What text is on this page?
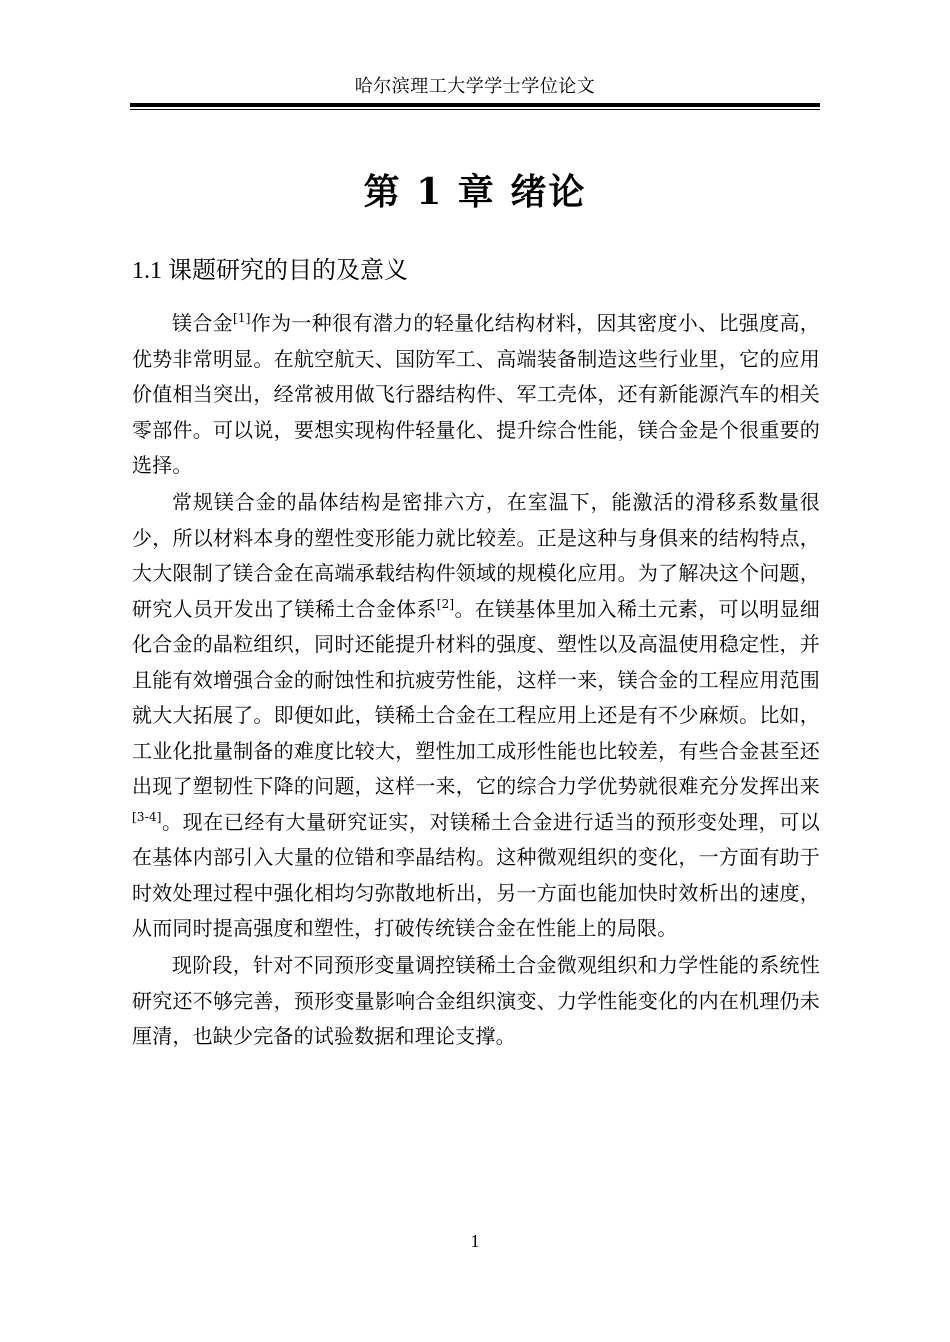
哈尔滨理工大学学士学位论文
第 1 章 绪论
1.1 课题研究的目的及意义

镁合金[1]作为一种很有潜力的轻量化结构材料，因其密度小、比强度高，优势非常明显。在航空航天、国防军工、高端装备制造这些行业里，它的应用价值相当突出，经常被用做飞行器结构件、军工壳体，还有新能源汽车的相关零部件。可以说，要想实现构件轻量化、提升综合性能，镁合金是个很重要的选择。

常规镁合金的晶体结构是密排六方，在室温下，能激活的滑移系数量很少，所以材料本身的塑性变形能力就比较差。正是这种与身俱来的结构特点，大大限制了镁合金在高端承载结构件领域的规模化应用。为了解决这个问题，研究人员开发出了镁稀土合金体系[2]。在镁基体里加入稀土元素，可以明显细化合金的晶粒组织，同时还能提升材料的强度、塑性以及高温使用稳定性，并且能有效增强合金的耐蚀性和抗疲劳性能，这样一来，镁合金的工程应用范围就大大拓展了。即便如此，镁稀土合金在工程应用上还是有不少麻烦。比如，工业化批量制备的难度比较大，塑性加工成形性能也比较差，有些合金甚至还出现了塑韧性下降的问题，这样一来，它的综合力学优势就很难充分发挥出来[3-4]。现在已经有大量研究证实，对镁稀土合金进行适当的预形变处理，可以在基体内部引入大量的位错和孪晶结构。这种微观组织的变化，一方面有助于时效处理过程中强化相均匀弥散地析出，另一方面也能加快时效析出的速度，从而同时提高强度和塑性，打破传统镁合金在性能上的局限。

现阶段，针对不同预形变量调控镁稀土合金微观组织和力学性能的系统性研究还不够完善，预形变量影响合金组织演变、力学性能变化的内在机理仍未厘清，也缺少完备的试验数据和理论支撑。

1
